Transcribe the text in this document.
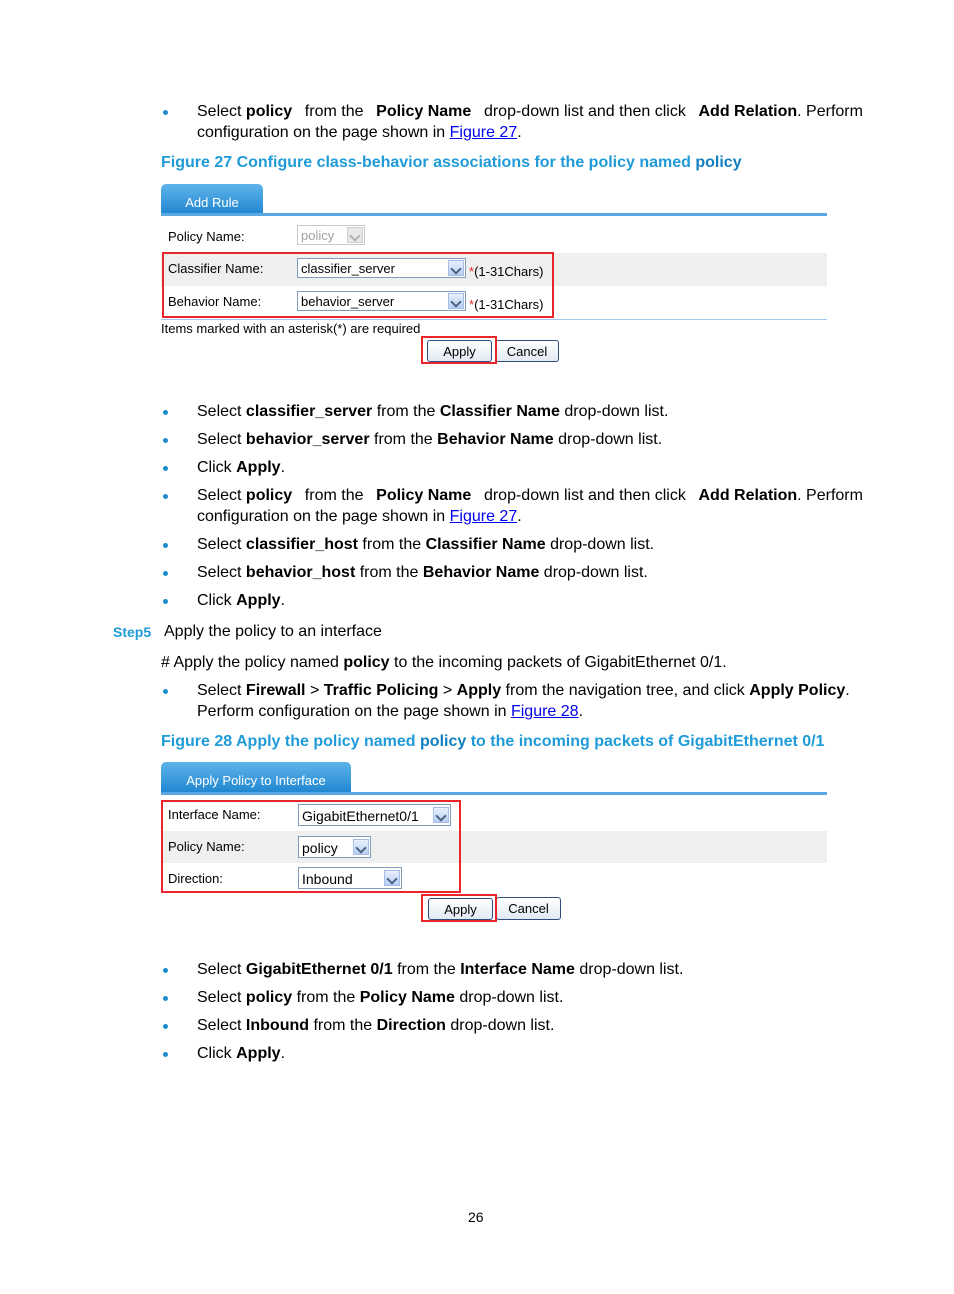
Select policy from the Policy Name drop-down list and then click Add Relation. Perform
configuration on the page shown in Figure 27.
Figure 27 Configure class-behavior associations for the policy named policy
Add Rule
Policy Name:	policy
Classifier Name:	classifier_server	*(1-31Chars)
Behavior Name:	behavior_server	*(1-31Chars)
Items marked with an asterisk(*) are required
Apply	Cancel
Select classifier_server from the Classifier Name drop-down list.
Select behavior_server from the Behavior Name drop-down list.
Click Apply.
Select policy from the Policy Name drop-down list and then click Add Relation. Perform
configuration on the page shown in Figure 27.
Select classifier_host from the Classifier Name drop-down list.
Select behavior_host from the Behavior Name drop-down list.
Click Apply.
Step5 Apply the policy to an interface
# Apply the policy named policy to the incoming packets of GigabitEthernet 0/1.
Select Firewall > Traffic Policing > Apply from the navigation tree, and click Apply Policy.
Perform configuration on the page shown in Figure 28.
Figure 28 Apply the policy named policy to the incoming packets of GigabitEthernet 0/1
Apply Policy to Interface
Interface Name:	GigabitEthernet0/1
Policy Name:	policy
Direction:	Inbound
Apply	Cancel
Select GigabitEthernet 0/1 from the Interface Name drop-down list.
Select policy from the Policy Name drop-down list.
Select Inbound from the Direction drop-down list.
Click Apply.
26
